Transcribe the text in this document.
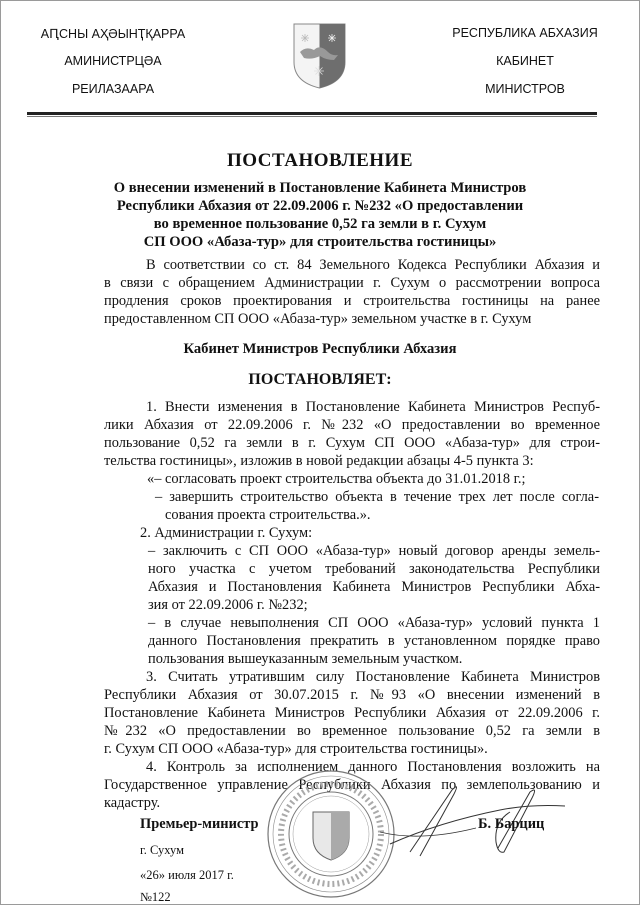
АԤСНЫ АҲӘЫНҬҚАРРА
АМИНИСТРЦӘА
РЕИЛАЗААРА
РЕСПУБЛИКА АБХАЗИЯ
КАБИНЕТ
МИНИСТРОВ
ПОСТАНОВЛЕНИЕ
О внесении изменений в Постановление Кабинета Министров
Республики Абхазия от 22.09.2006 г. №232 «О предоставлении
во временное пользование 0,52 га земли в г. Сухум
СП ООО «Абаза-тур» для строительства гостиницы»
В соответствии со ст. 84 Земельного Кодекса Республики Абхазия и
в связи с обращением Администрации г. Сухум о рассмотрении вопроса
продления сроков проектирования и строительства гостиницы на ранее
предоставленном СП ООО «Абаза-тур» земельном участке в г. Сухум
Кабинет Министров Республики Абхазия
ПОСТАНОВЛЯЕТ:
1. Внести изменения в Постановление Кабинета Министров Респуб-
лики Абхазия от 22.09.2006 г. №232 «О предоставлении во временное
пользование 0,52 га земли в г. Сухум СП ООО «Абаза-тур» для строи-
тельства гостиницы», изложив в новой редакции абзацы 4-5 пункта 3:
«– согласовать проект строительства объекта до 31.01.2018 г.;
– завершить строительство объекта в течение трех лет после согла-
сования проекта строительства.».
2. Администрации г. Сухум:
– заключить с СП ООО «Абаза-тур» новый договор аренды земель-
ного участка с учетом требований законодательства Республики
Абхазия и Постановления Кабинета Министров Республики Абха-
зия от 22.09.2006 г. №232;
– в случае невыполнения СП ООО «Абаза-тур» условий пункта 1
данного Постановления прекратить в установленном порядке право
пользования вышеуказанным земельным участком.
3. Считать утратившим силу Постановление Кабинета Министров
Республики Абхазия от 30.07.2015 г. №93 «О внесении изменений в
Постановление Кабинета Министров Республики Абхазия от 22.09.2006 г.
№232 «О предоставлении во временное пользование 0,52 га земли в
г. Сухум СП ООО «Абаза-тур» для строительства гостиницы».
4. Контроль за исполнением данного Постановления возложить на
Государственное управление Республики Абхазия по землепользованию и
кадастру.
Премьер-министр	Б. Барциц
г. Сухум
«26» июля 2017 г.
№122
